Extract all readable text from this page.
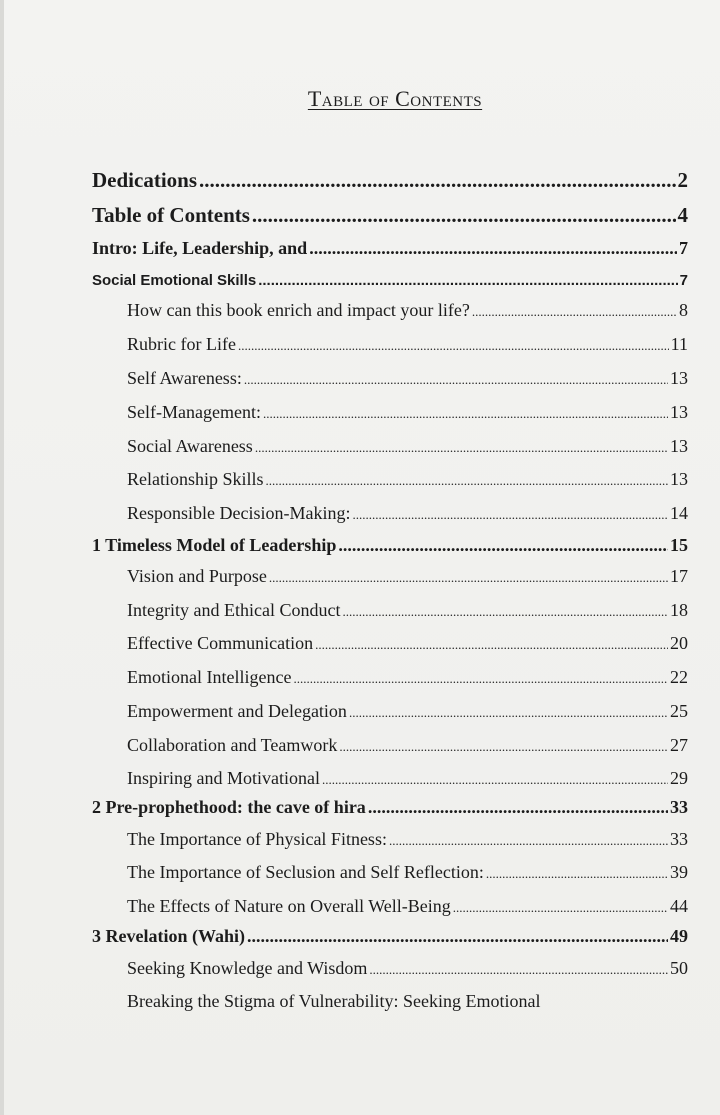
Table of Contents
Dedications .....	2
Table of Contents .....	4
Intro: Life, Leadership, and .....	7
Social Emotional Skills .....	7
How can this book enrich and impact your life? .....	8
Rubric for Life .....	11
Self Awareness: .....	13
Self-Management: .....	13
Social Awareness .....	13
Relationship Skills .....	13
Responsible Decision-Making: .....	14
1 Timeless Model of Leadership .....	15
Vision and Purpose .....	17
Integrity and Ethical Conduct .....	18
Effective Communication .....	20
Emotional Intelligence .....	22
Empowerment and Delegation .....	25
Collaboration and Teamwork .....	27
Inspiring and Motivational .....	29
2 Pre-prophethood: the cave of hira .....	33
The Importance of Physical Fitness: .....	33
The Importance of Seclusion and Self Reflection: .....	39
The Effects of Nature on Overall Well-Being .....	44
3 Revelation (Wahi) .....	49
Seeking Knowledge and Wisdom .....	50
Breaking the Stigma of Vulnerability: Seeking Emotional
